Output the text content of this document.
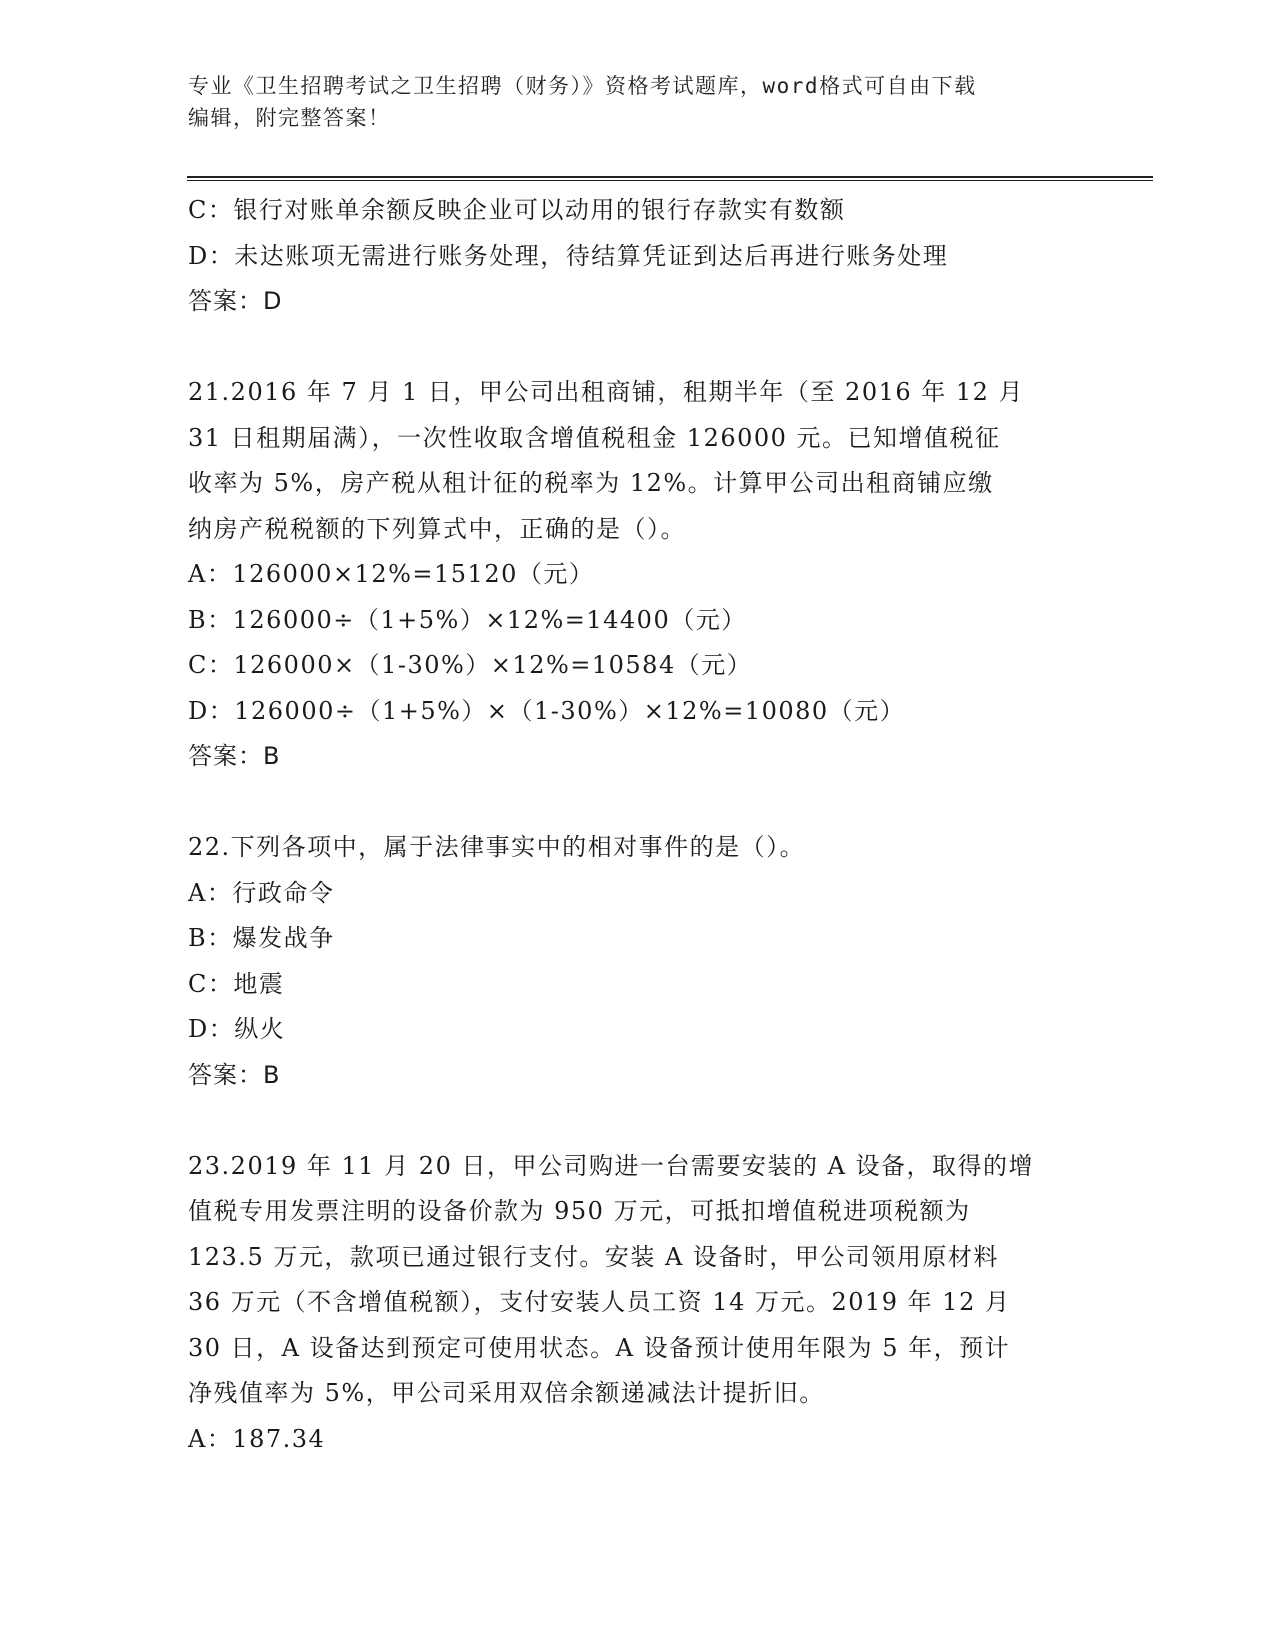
专业《卫生招聘考试之卫生招聘（财务）》资格考试题库，word格式可自由下载
编辑，附完整答案！
C：银行对账单余额反映企业可以动用的银行存款实有数额
D：未达账项无需进行账务处理，待结算凭证到达后再进行账务处理
答案：D
21.2016 年 7 月 1 日，甲公司出租商铺，租期半年（至 2016 年 12 月
31 日租期届满），一次性收取含增值税租金 126000 元。已知增值税征
收率为 5%，房产税从租计征的税率为 12%。计算甲公司出租商铺应缴
纳房产税税额的下列算式中，正确的是（）。
A：126000×12%=15120（元）
B：126000÷（1+5%）×12%=14400（元）
C：126000×（1-30%）×12%=10584（元）
D：126000÷（1+5%）×（1-30%）×12%=10080（元）
答案：B
22.下列各项中，属于法律事实中的相对事件的是（）。
A：行政命令
B：爆发战争
C：地震
D：纵火
答案：B
23.2019 年 11 月 20 日，甲公司购进一台需要安装的 A 设备，取得的增
值税专用发票注明的设备价款为 950 万元，可抵扣增值税进项税额为
123.5 万元，款项已通过银行支付。安装 A 设备时，甲公司领用原材料
36 万元（不含增值税额），支付安装人员工资 14 万元。2019 年 12 月
30 日，A 设备达到预定可使用状态。A 设备预计使用年限为 5 年，预计
净残值率为 5%，甲公司采用双倍余额递减法计提折旧。
A：187.34
